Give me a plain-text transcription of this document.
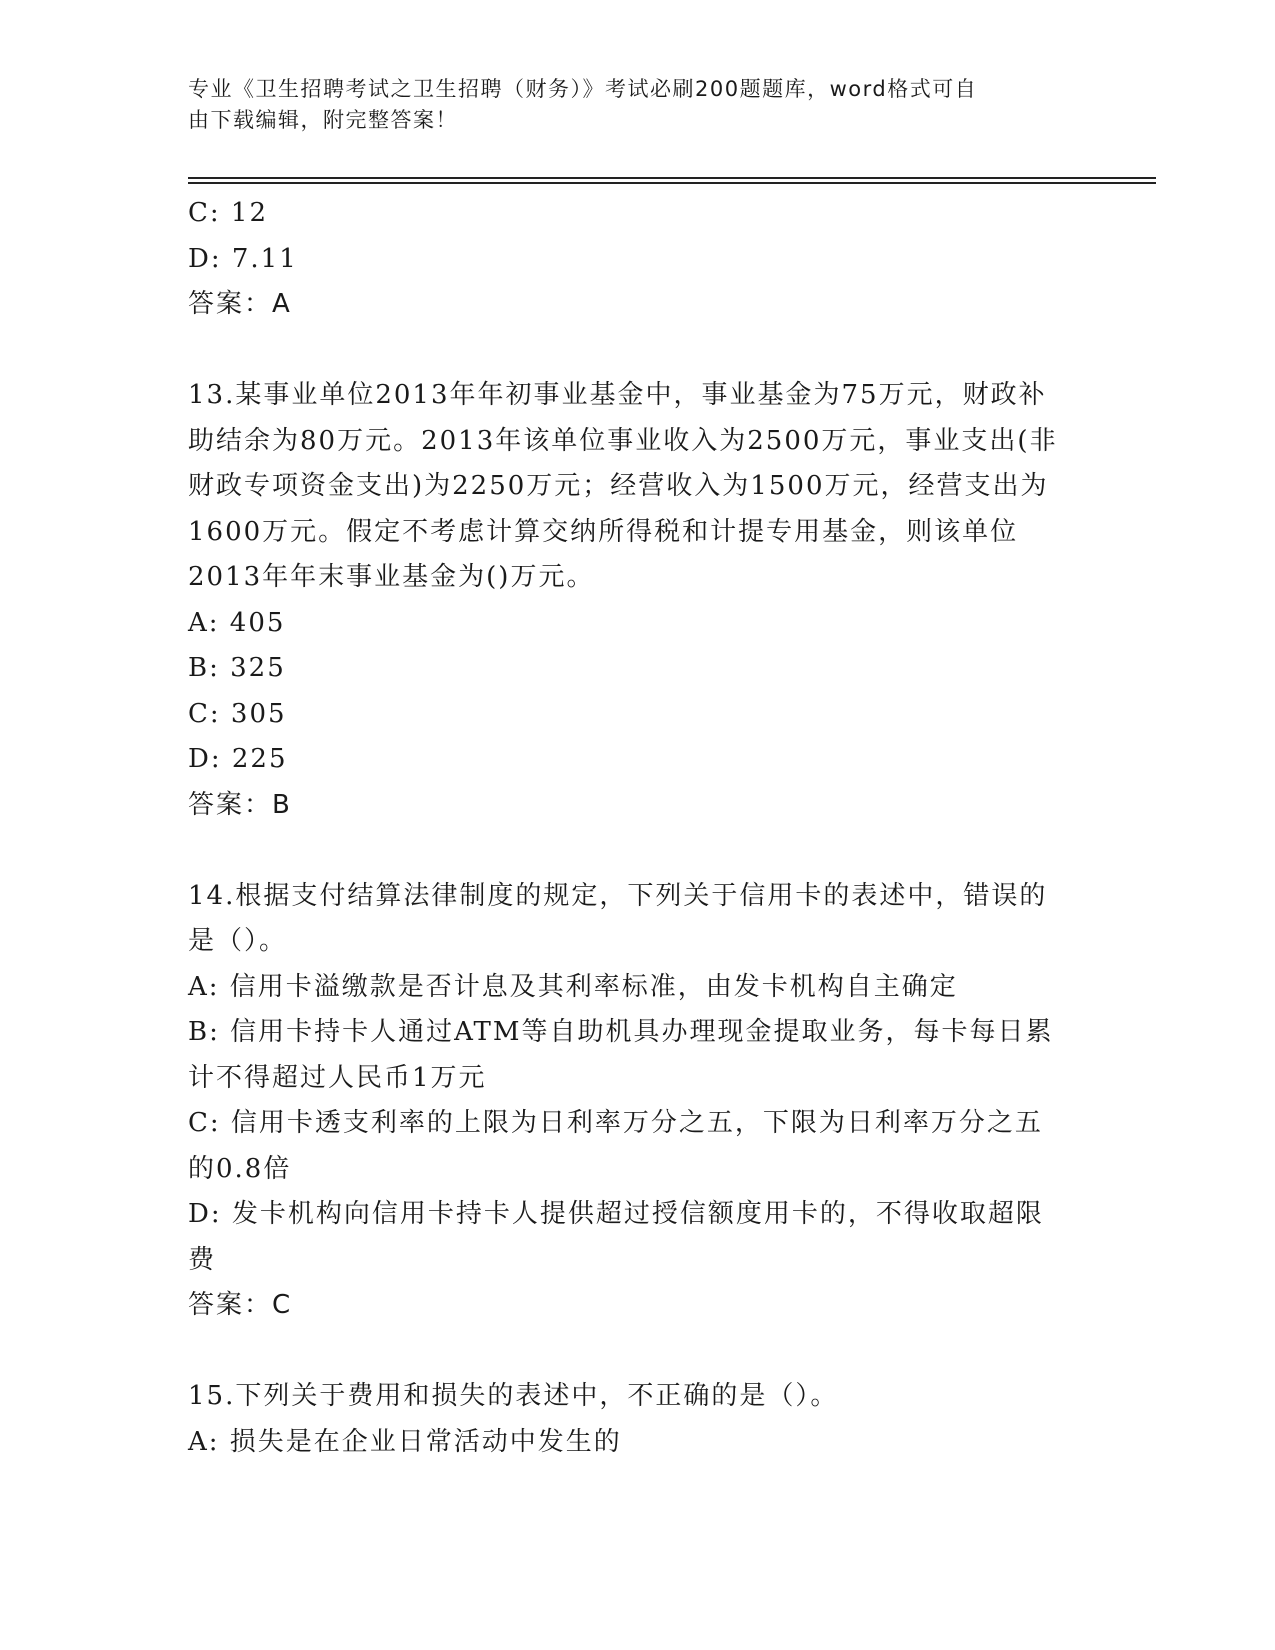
专业《卫生招聘考试之卫生招聘（财务）》考试必刷200题题库，word格式可自
由下载编辑，附完整答案！
C: 12
D: 7.11
答案：A
13.某事业单位2013年年初事业基金中，事业基金为75万元，财政补
助结余为80万元。2013年该单位事业收入为2500万元，事业支出(非
财政专项资金支出)为2250万元；经营收入为1500万元，经营支出为
1600万元。假定不考虑计算交纳所得税和计提专用基金，则该单位
2013年年末事业基金为()万元。
A: 405
B: 325
C: 305
D: 225
答案：B
14.根据支付结算法律制度的规定，下列关于信用卡的表述中，错误的
是（）。
A: 信用卡溢缴款是否计息及其利率标准，由发卡机构自主确定
B: 信用卡持卡人通过ATM等自助机具办理现金提取业务，每卡每日累
计不得超过人民币1万元
C: 信用卡透支利率的上限为日利率万分之五，下限为日利率万分之五
的0.8倍
D: 发卡机构向信用卡持卡人提供超过授信额度用卡的，不得收取超限
费
答案：C
15.下列关于费用和损失的表述中，不正确的是（）。
A: 损失是在企业日常活动中发生的
